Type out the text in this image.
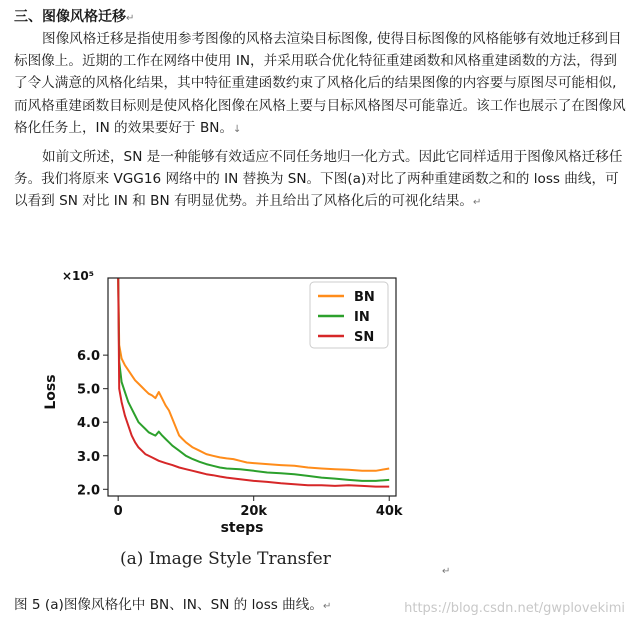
三、图像风格迁移↵

图像风格迁移是指使用参考图像的风格去渲染目标图像, 使得目标图像的风格能够有效地迁移到目标图像上。近期的工作在网络中使用 IN，并采用联合优化特征重建函数和风格重建函数的方法，得到了令人满意的风格化结果，其中特征重建函数约束了风格化后的结果图像的内容要与原图尽可能相似, 而风格重建函数目标则是使风格化图像在风格上要与目标风格图尽可能靠近。该工作也展示了在图像风格化任务上，IN 的效果要好于 BN。↓

如前文所述，SN 是一种能够有效适应不同任务地归一化方式。因此它同样适用于图像风格迁移任务。我们将原来 VGG16 网络中的 IN 替换为 SN。下图(a)对比了两种重建函数之和的 loss 曲线，可以看到 SN 对比 IN 和 BN 有明显优势。并且给出了风格化后的可视化结果。↵

2.0
3.0
4.0
5.0
6.0
0	20k	40k
steps
Loss
×10⁵
BN
IN
SN
(a) Image Style Transfer
↵
图 5 (a)图像风格化中 BN、IN、SN 的 loss 曲线。↵	https://blog.csdn.net/gwplovekimi
